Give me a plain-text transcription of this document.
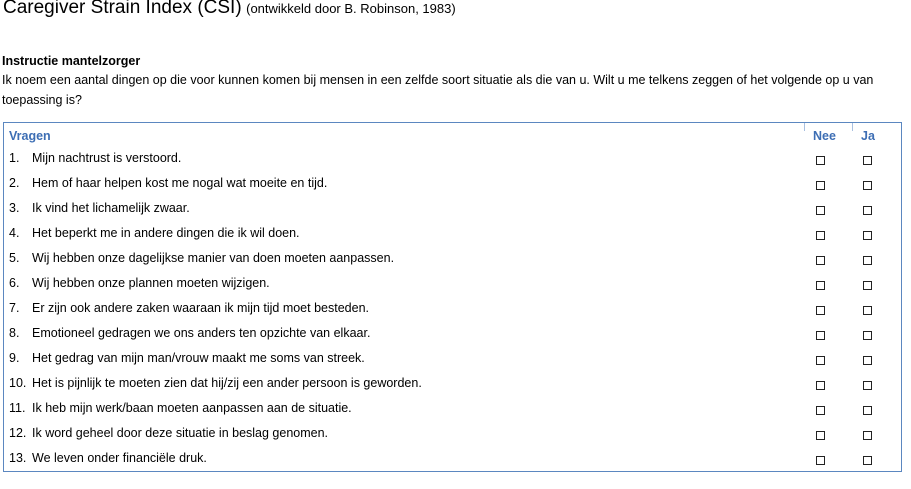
Caregiver Strain Index (CSI) (ontwikkeld door B. Robinson, 1983)
Instructie mantelzorger
Ik noem een aantal dingen op die voor kunnen komen bij mensen in een zelfde soort situatie als die van u. Wilt u me telkens zeggen of het volgende op u van toepassing is?
Vragen	Nee Ja
1. Mijn nachtrust is verstoord.
2. Hem of haar helpen kost me nogal wat moeite en tijd.
3. Ik vind het lichamelijk zwaar.
4. Het beperkt me in andere dingen die ik wil doen.
5. Wij hebben onze dagelijkse manier van doen moeten aanpassen.
6. Wij hebben onze plannen moeten wijzigen.
7. Er zijn ook andere zaken waaraan ik mijn tijd moet besteden.
8. Emotioneel gedragen we ons anders ten opzichte van elkaar.
9. Het gedrag van mijn man/vrouw maakt me soms van streek.
10. Het is pijnlijk te moeten zien dat hij/zij een ander persoon is geworden.
11. Ik heb mijn werk/baan moeten aanpassen aan de situatie.
12. Ik word geheel door deze situatie in beslag genomen.
13. We leven onder financiële druk.
